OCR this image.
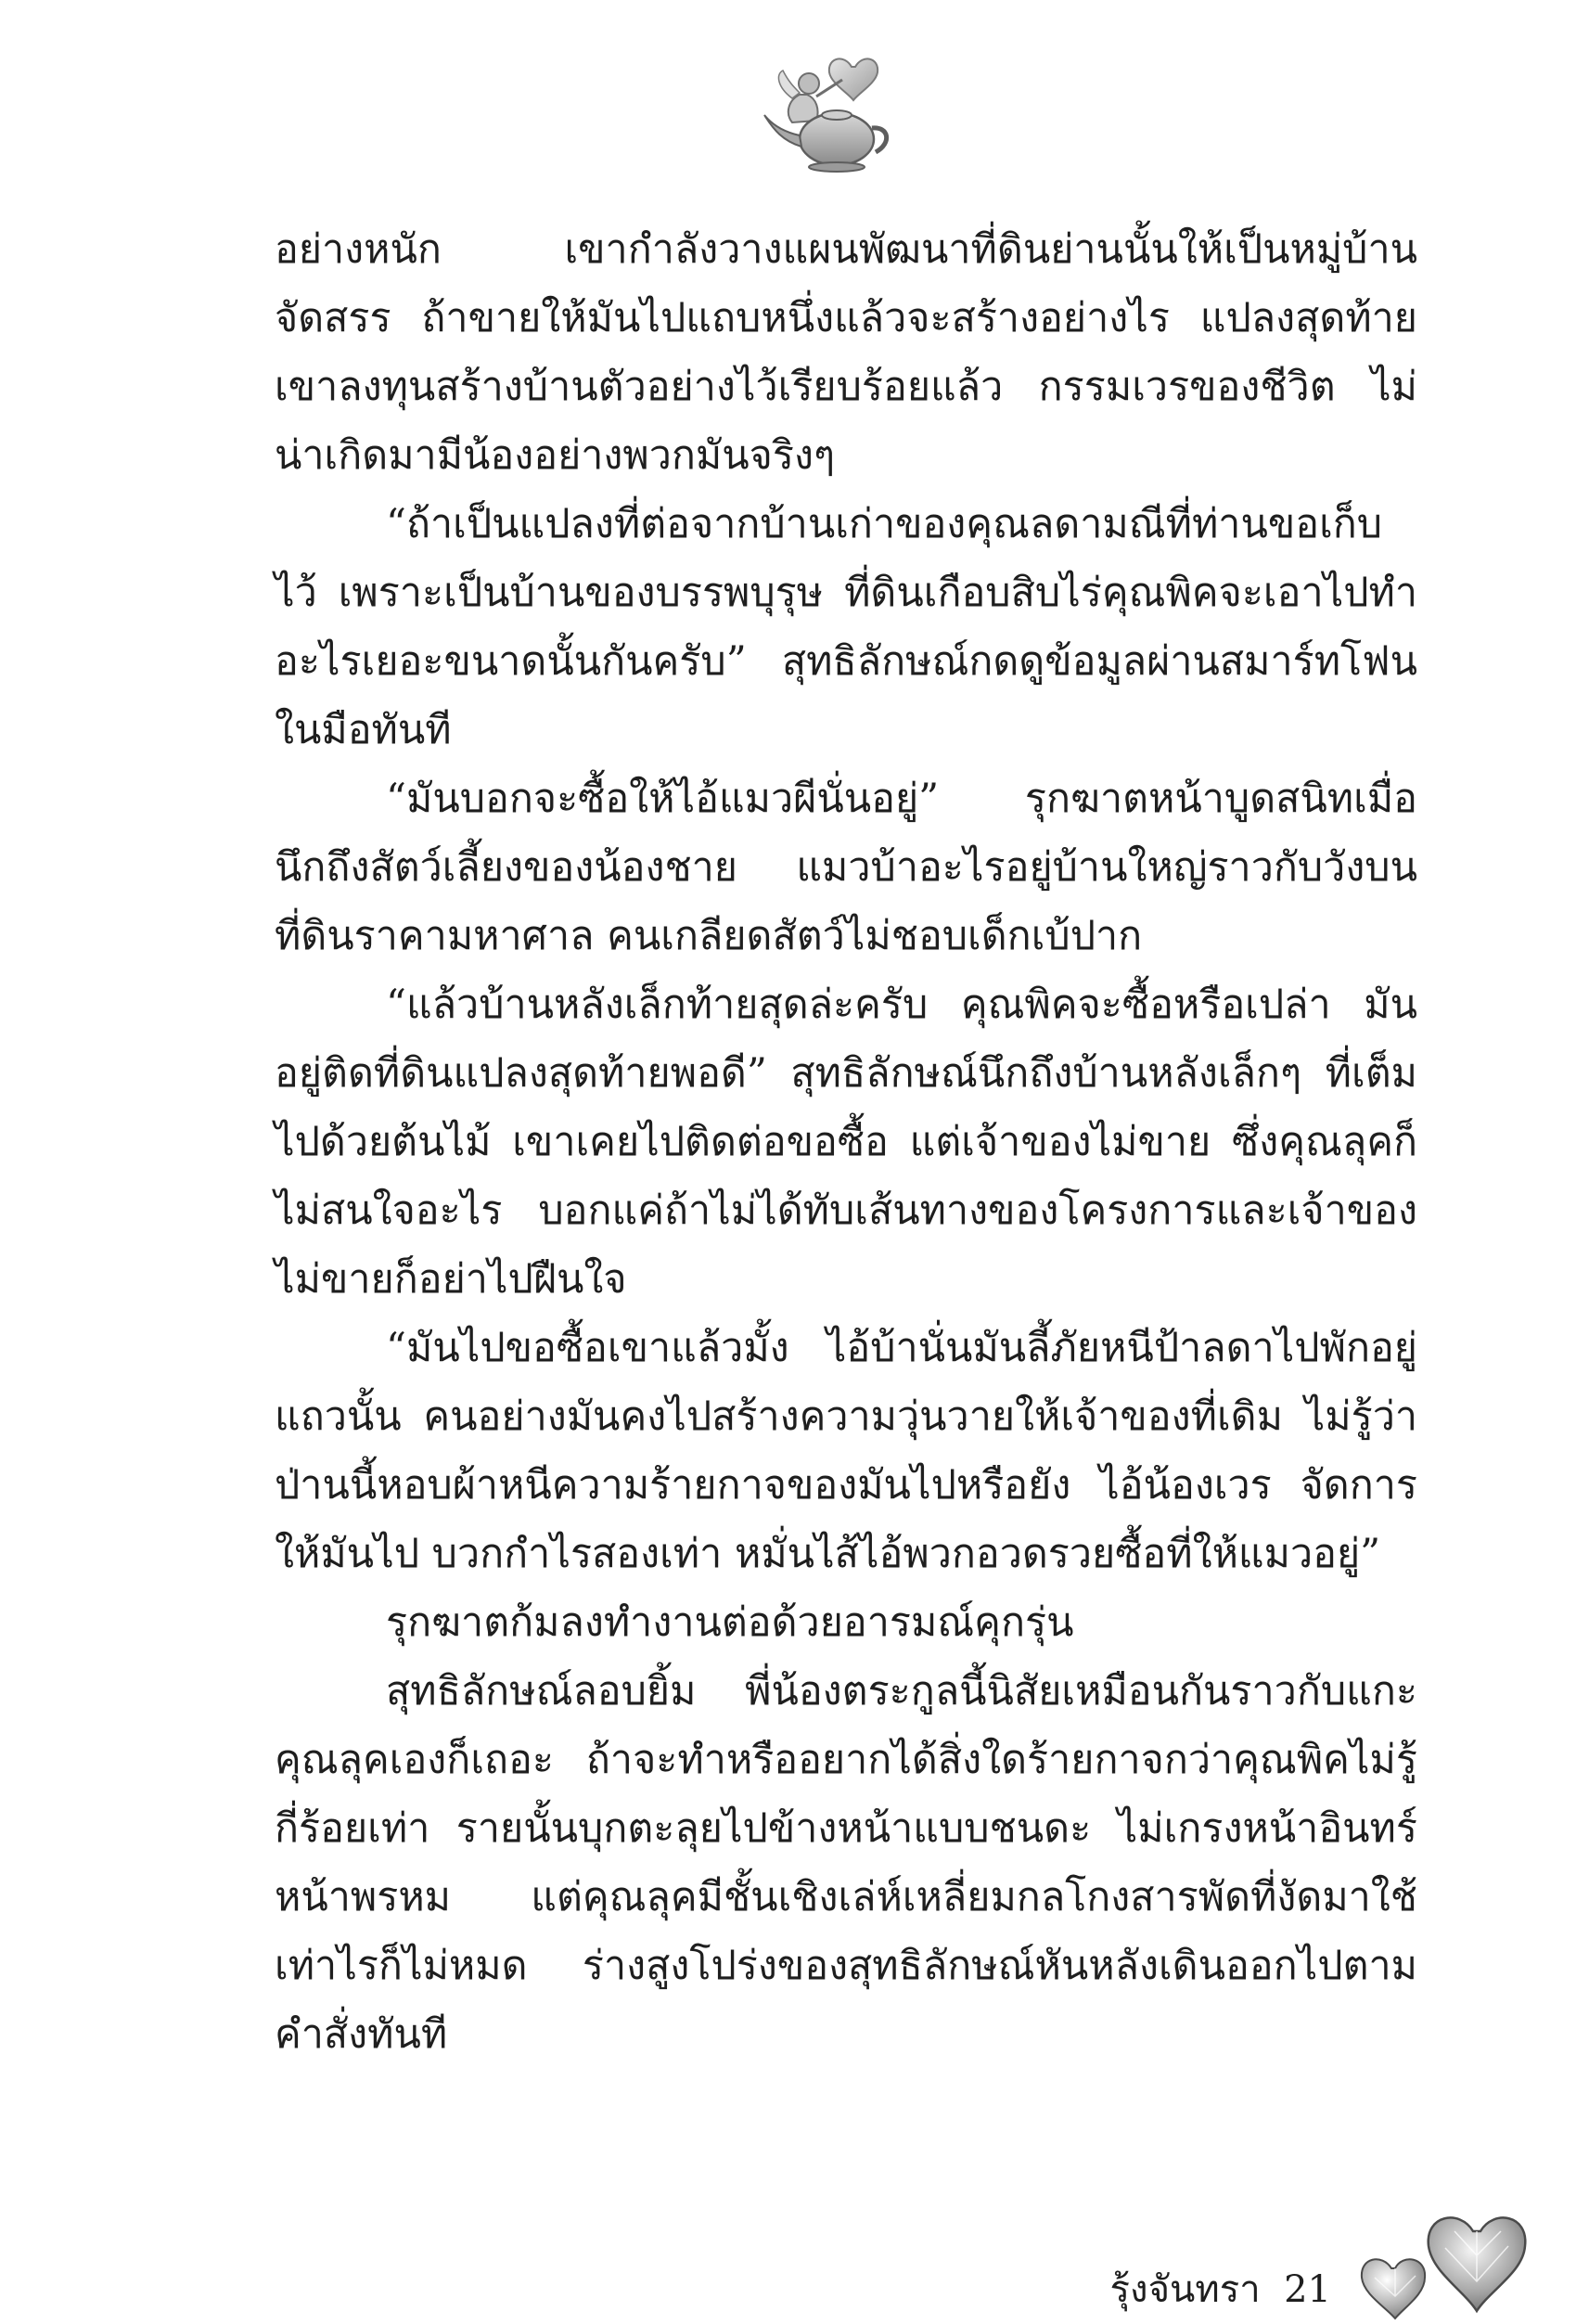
อย่างหนัก เขากำลังวางแผนพัฒนาที่ดินย่านนั้นให้เป็นหมู่บ้านจัดสรร ถ้าขายให้มันไปแถบหนึ่งแล้วจะสร้างอย่างไร แปลงสุดท้ายเขาลงทุนสร้างบ้านตัวอย่างไว้เรียบร้อยแล้ว กรรมเวรของชีวิต ไม่น่าเกิดมามีน้องอย่างพวกมันจริงๆ

“ถ้าเป็นแปลงที่ต่อจากบ้านเก่าของคุณลดามณีที่ท่านขอเก็บไว้ เพราะเป็นบ้านของบรรพบุรุษ ที่ดินเกือบสิบไร่คุณพิคจะเอาไปทำอะไรเยอะขนาดนั้นกันครับ” สุทธิลักษณ์กดดูข้อมูลผ่านสมาร์ทโฟนในมือทันที

“มันบอกจะซื้อให้ไอ้แมวผีนั่นอยู่” รุกฆาตหน้าบูดสนิทเมื่อนึกถึงสัตว์เลี้ยงของน้องชาย แมวบ้าอะไรอยู่บ้านใหญ่ราวกับวังบนที่ดินราคามหาศาล คนเกลียดสัตว์ไม่ชอบเด็กเบ้ปาก

“แล้วบ้านหลังเล็กท้ายสุดล่ะครับ คุณพิคจะซื้อหรือเปล่า มันอยู่ติดที่ดินแปลงสุดท้ายพอดี” สุทธิลักษณ์นึกถึงบ้านหลังเล็กๆ ที่เต็มไปด้วยต้นไม้ เขาเคยไปติดต่อขอซื้อ แต่เจ้าของไม่ขาย ซึ่งคุณลุคก็ไม่สนใจอะไร บอกแค่ถ้าไม่ได้ทับเส้นทางของโครงการและเจ้าของไม่ขายก็อย่าไปฝืนใจ

“มันไปขอซื้อเขาแล้วมั้ง ไอ้บ้านั่นมันลี้ภัยหนีป้าลดาไปพักอยู่แถวนั้น คนอย่างมันคงไปสร้างความวุ่นวายให้เจ้าของที่เดิม ไม่รู้ว่าป่านนี้หอบผ้าหนีความร้ายกาจของมันไปหรือยัง ไอ้น้องเวร จัดการให้มันไป บวกกำไรสองเท่า หมั่นไส้ไอ้พวกอวดรวยซื้อที่ให้แมวอยู่”

รุกฆาตก้มลงทำงานต่อด้วยอารมณ์คุกรุ่น

สุทธิลักษณ์ลอบยิ้ม พี่น้องตระกูลนี้นิสัยเหมือนกันราวกับแกะ คุณลุคเองก็เถอะ ถ้าจะทำหรืออยากได้สิ่งใดร้ายกาจกว่าคุณพิคไม่รู้กี่ร้อยเท่า รายนั้นบุกตะลุยไปข้างหน้าแบบชนดะ ไม่เกรงหน้าอินทร์หน้าพรหม แต่คุณลุคมีชั้นเชิงเล่ห์เหลี่ยมกลโกงสารพัดที่งัดมาใช้เท่าไรก็ไม่หมด ร่างสูงโปร่งของสุทธิลักษณ์หันหลังเดินออกไปตามคำสั่งทันที

รุ้งจันทรา 21
